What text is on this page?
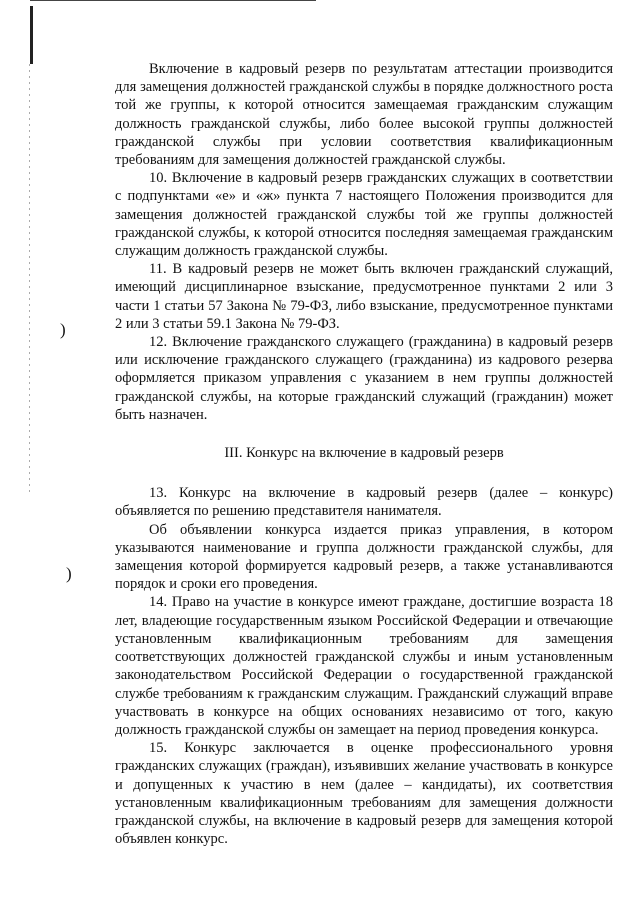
)
)

Включение в кадровый резерв по результатам аттестации производится для замещения должностей гражданской службы в порядке должностного роста той же группы, к которой относится замещаемая гражданским служащим должность гражданской службы, либо более высокой группы должностей гражданской службы при условии соответствия квалификационным требованиям для замещения должностей гражданской службы.

10. Включение в кадровый резерв гражданских служащих в соответствии с подпунктами «е» и «ж» пункта 7 настоящего Положения производится для замещения должностей гражданской службы той же группы должностей гражданской службы, к которой относится последняя замещаемая гражданским служащим должность гражданской службы.

11. В кадровый резерв не может быть включен гражданский служащий, имеющий дисциплинарное взыскание, предусмотренное пунктами 2 или 3 части 1 статьи 57 Закона № 79-ФЗ, либо взыскание, предусмотренное пунктами 2 или 3 статьи 59.1 Закона № 79-ФЗ.

12. Включение гражданского служащего (гражданина) в кадровый резерв или исключение гражданского служащего (гражданина) из кадрового резерва оформляется приказом управления с указанием в нем группы должностей гражданской службы, на которые гражданский служащий (гражданин) может быть назначен.

III. Конкурс на включение в кадровый резерв

13. Конкурс на включение в кадровый резерв (далее – конкурс) объявляется по решению представителя нанимателя.

Об объявлении конкурса издается приказ управления, в котором указываются наименование и группа должности гражданской службы, для замещения которой формируется кадровый резерв, а также устанавливаются порядок и сроки его проведения.

14. Право на участие в конкурсе имеют граждане, достигшие возраста 18 лет, владеющие государственным языком Российской Федерации и отвечающие установленным квалификационным требованиям для замещения соответствующих должностей гражданской службы и иным установленным законодательством Российской Федерации о государственной гражданской службе требованиям к гражданским служащим. Гражданский служащий вправе участвовать в конкурсе на общих основаниях независимо от того, какую должность гражданской службы он замещает на период проведения конкурса.

15. Конкурс заключается в оценке профессионального уровня гражданских служащих (граждан), изъявивших желание участвовать в конкурсе и допущенных к участию в нем (далее – кандидаты), их соответствия установленным квалификационным требованиям для замещения должности гражданской службы, на включение в кадровый резерв для замещения которой объявлен конкурс.
